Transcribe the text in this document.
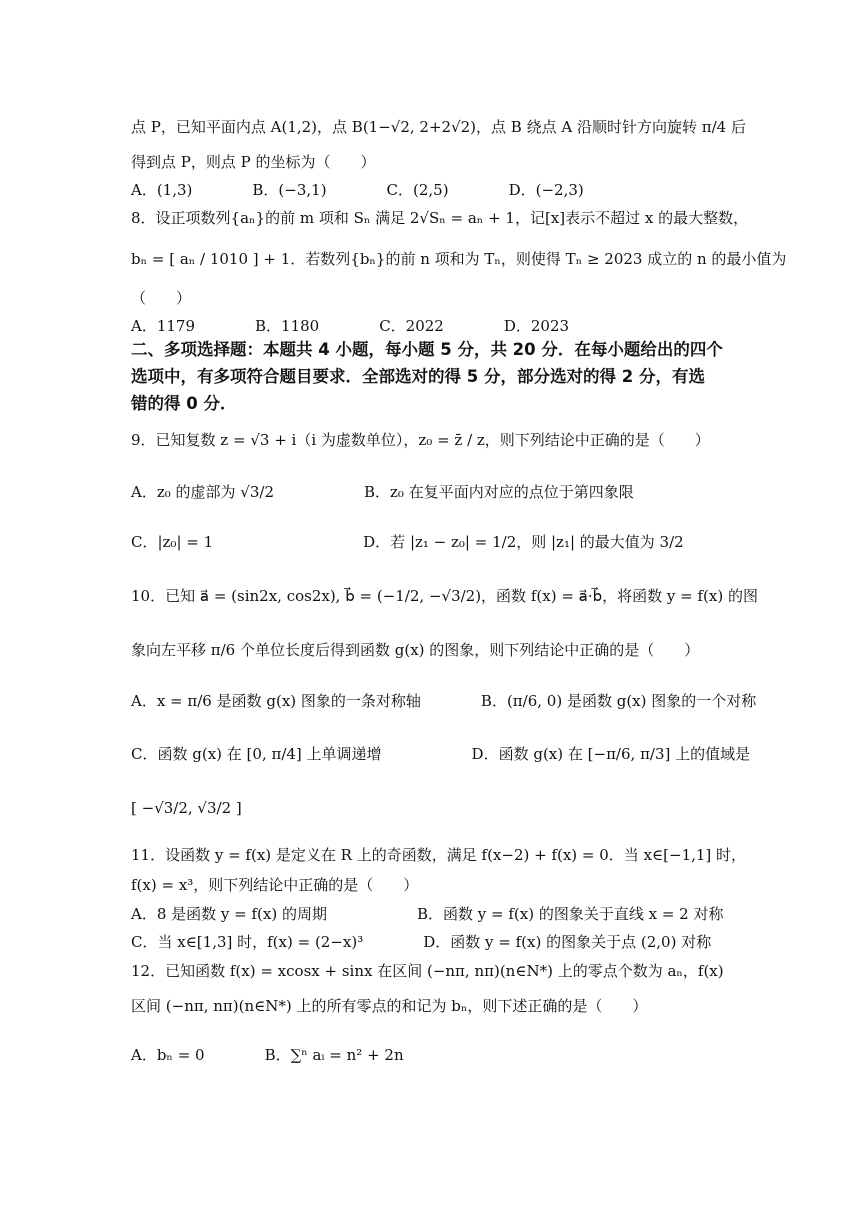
点 P，已知平面内点 A(1,2)，点 B(1−√2, 2+2√2)，点 B 绕点 A 沿顺时针方向旋转 π/4 后
得到点 P，则点 P 的坐标为（　　）
A．(1,3)　　　　B．(−3,1)　　　　C．(2,5)　　　　D．(−2,3)
8．设正项数列{aₙ}的前 m 项和 Sₙ 满足 2√Sₙ = aₙ + 1，记[x]表示不超过 x 的最大整数，
bₙ = [ aₙ / 1010 ] + 1．若数列{bₙ}的前 n 项和为 Tₙ，则使得 Tₙ ≥ 2023 成立的 n 的最小值为
（　　）
A．1179　　　　B．1180　　　　C．2022　　　　D．2023
二、多项选择题：本题共 4 小题，每小题 5 分，共 20 分．在每小题给出的四个
选项中，有多项符合题目要求．全部选对的得 5 分，部分选对的得 2 分，有选
错的得 0 分．
9．已知复数 z = √3 + i（i 为虚数单位），z₀ = z̄ / z，则下列结论中正确的是（　　）
A．z₀ 的虚部为 √3/2　　　　　　B．z₀ 在复平面内对应的点位于第四象限
C．|z₀| = 1　　　　　　　　　　D．若 |z₁ − z₀| = 1/2，则 |z₁| 的最大值为 3/2
10．已知 a⃗ = (sin2x, cos2x), b⃗ = (−1/2, −√3/2)，函数 f(x) = a⃗·b⃗，将函数 y = f(x) 的图
象向左平移 π/6 个单位长度后得到函数 g(x) 的图象，则下列结论中正确的是（　　）
A．x = π/6 是函数 g(x) 图象的一条对称轴　　　　B．(π/6, 0) 是函数 g(x) 图象的一个对称
C．函数 g(x) 在 [0, π/4] 上单调递增　　　　　　D．函数 g(x) 在 [−π/6, π/3] 上的值域是
[ −√3/2, √3/2 ]
11．设函数 y = f(x) 是定义在 R 上的奇函数，满足 f(x−2) + f(x) = 0．当 x∈[−1,1] 时，
f(x) = x³，则下列结论中正确的是（　　）
A．8 是函数 y = f(x) 的周期　　　　　　B．函数 y = f(x) 的图象关于直线 x = 2 对称
C．当 x∈[1,3] 时，f(x) = (2−x)³　　　　D．函数 y = f(x) 的图象关于点 (2,0) 对称
12．已知函数 f(x) = xcosx + sinx 在区间 (−nπ, nπ)(n∈N*) 上的零点个数为 aₙ，f(x)
区间 (−nπ, nπ)(n∈N*) 上的所有零点的和记为 bₙ，则下述正确的是（　　）
A．bₙ = 0　　　　B．∑ⁿ aᵢ = n² + 2n
